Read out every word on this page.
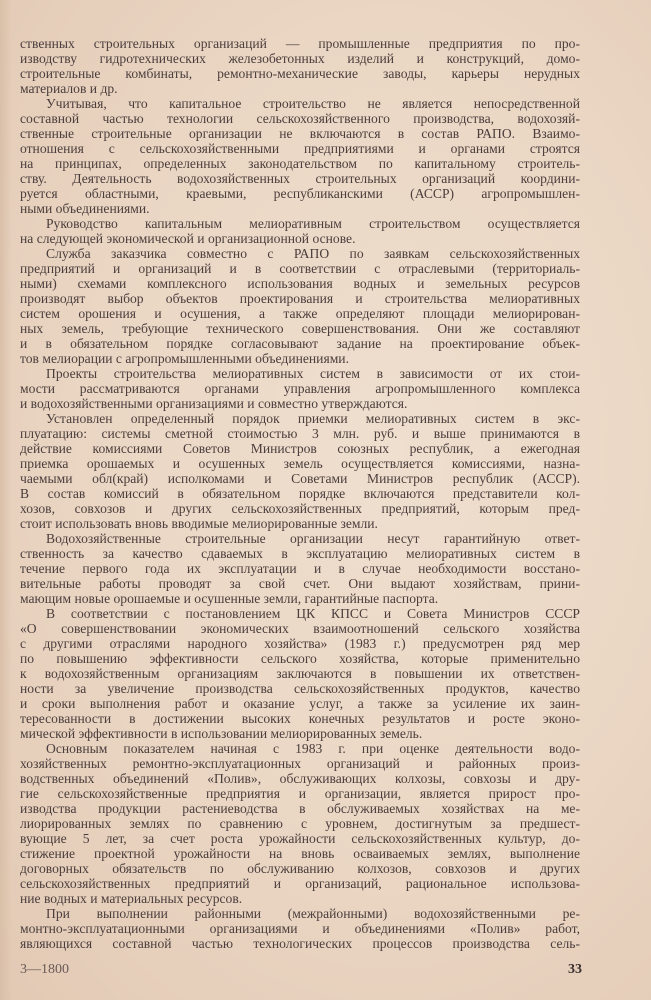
ственных строительных организаций — промышленные предприятия по про-
изводству гидротехнических железобетонных изделий и конструкций, домо-
строительные комбинаты, ремонтно-механические заводы, карьеры нерудных
материалов и др.
Учитывая, что капитальное строительство не является непосредственной
составной частью технологии сельскохозяйственного производства, водохозяй-
ственные строительные организации не включаются в состав РАПО. Взаимо-
отношения с сельскохозяйственными предприятиями и органами строятся
на принципах, определенных законодательством по капитальному строитель-
ству. Деятельность водохозяйственных строительных организаций координи-
руется областными, краевыми, республиканскими (АССР) агропромышлен-
ными объединениями.
Руководство капитальным мелиоративным строительством осуществляется
на следующей экономической и организационной основе.
Служба заказчика совместно с РАПО по заявкам сельскохозяйственных
предприятий и организаций и в соответствии с отраслевыми (территориаль-
ными) схемами комплексного использования водных и земельных ресурсов
производят выбор объектов проектирования и строительства мелиоративных
систем орошения и осушения, а также определяют площади мелиорирован-
ных земель, требующие технического совершенствования. Они же составляют
и в обязательном порядке согласовывают задание на проектирование объек-
тов мелиорации с агропромышленными объединениями.
Проекты строительства мелиоративных систем в зависимости от их стои-
мости рассматриваются органами управления агропромышленного комплекса
и водохозяйственными организациями и совместно утверждаются.
Установлен определенный порядок приемки мелиоративных систем в экс-
плуатацию: системы сметной стоимостью 3 млн. руб. и выше принимаются в
действие комиссиями Советов Министров союзных республик, а ежегодная
приемка орошаемых и осушенных земель осуществляется комиссиями, назна-
чаемыми обл(край) исполкомами и Советами Министров республик (АССР).
В состав комиссий в обязательном порядке включаются представители кол-
хозов, совхозов и других сельскохозяйственных предприятий, которым пред-
стоит использовать вновь вводимые мелиорированные земли.
Водохозяйственные строительные организации несут гарантийную ответ-
ственность за качество сдаваемых в эксплуатацию мелиоративных систем в
течение первого года их эксплуатации и в случае необходимости восстано-
вительные работы проводят за свой счет. Они выдают хозяйствам, прини-
мающим новые орошаемые и осушенные земли, гарантийные паспорта.
В соответствии с постановлением ЦК КПСС и Совета Министров СССР
«О совершенствовании экономических взаимоотношений сельского хозяйства
с другими отраслями народного хозяйства» (1983 г.) предусмотрен ряд мер
по повышению эффективности сельского хозяйства, которые применительно
к водохозяйственным организациям заключаются в повышении их ответствен-
ности за увеличение производства сельскохозяйственных продуктов, качество
и сроки выполнения работ и оказание услуг, а также за усиление их заин-
тересованности в достижении высоких конечных результатов и росте эконо-
мической эффективности в использовании мелиорированных земель.
Основным показателем начиная с 1983 г. при оценке деятельности водо-
хозяйственных ремонтно-эксплуатационных организаций и районных произ-
водственных объединений «Полив», обслуживающих колхозы, совхозы и дру-
гие сельскохозяйственные предприятия и организации, является прирост про-
изводства продукции растениеводства в обслуживаемых хозяйствах на ме-
лиорированных землях по сравнению с уровнем, достигнутым за предшест-
вующие 5 лет, за счет роста урожайности сельскохозяйственных культур, до-
стижение проектной урожайности на вновь осваиваемых землях, выполнение
договорных обязательств по обслуживанию колхозов, совхозов и других
сельскохозяйственных предприятий и организаций, рациональное использова-
ние водных и материальных ресурсов.
При выполнении районными (межрайонными) водохозяйственными ре-
монтно-эксплуатационными организациями и объединениями «Полив» работ,
являющихся составной частью технологических процессов производства сель-
3—1800	33
